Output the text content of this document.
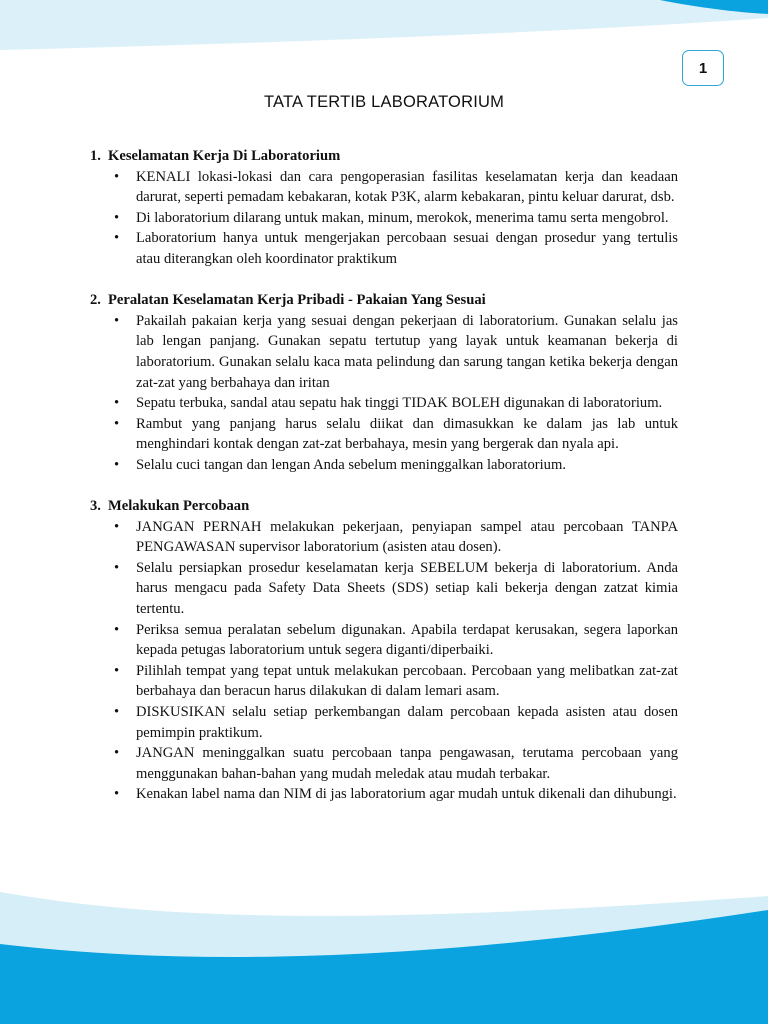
1
TATA TERTIB LABORATORIUM
1. Keselamatan Kerja Di Laboratorium
• KENALI lokasi-lokasi dan cara pengoperasian fasilitas keselamatan kerja dan keadaan darurat, seperti pemadam kebakaran, kotak P3K, alarm kebakaran, pintu keluar darurat, dsb.
• Di laboratorium dilarang untuk makan, minum, merokok, menerima tamu serta mengobrol.
• Laboratorium hanya untuk mengerjakan percobaan sesuai dengan prosedur yang tertulis atau diterangkan oleh koordinator praktikum
2. Peralatan Keselamatan Kerja Pribadi - Pakaian Yang Sesuai
• Pakailah pakaian kerja yang sesuai dengan pekerjaan di laboratorium. Gunakan selalu jas lab lengan panjang. Gunakan sepatu tertutup yang layak untuk keamanan bekerja di laboratorium. Gunakan selalu kaca mata pelindung dan sarung tangan ketika bekerja dengan zat-zat yang berbahaya dan iritan
• Sepatu terbuka, sandal atau sepatu hak tinggi TIDAK BOLEH digunakan di laboratorium.
• Rambut yang panjang harus selalu diikat dan dimasukkan ke dalam jas lab untuk menghindari kontak dengan zat-zat berbahaya, mesin yang bergerak dan nyala api.
• Selalu cuci tangan dan lengan Anda sebelum meninggalkan laboratorium.
3. Melakukan Percobaan
• JANGAN PERNAH melakukan pekerjaan, penyiapan sampel atau percobaan TANPA PENGAWASAN supervisor laboratorium (asisten atau dosen).
• Selalu persiapkan prosedur keselamatan kerja SEBELUM bekerja di laboratorium. Anda harus mengacu pada Safety Data Sheets (SDS) setiap kali bekerja dengan zatzat kimia tertentu.
• Periksa semua peralatan sebelum digunakan. Apabila terdapat kerusakan, segera laporkan kepada petugas laboratorium untuk segera diganti/diperbaiki.
• Pilihlah tempat yang tepat untuk melakukan percobaan. Percobaan yang melibatkan zat-zat berbahaya dan beracun harus dilakukan di dalam lemari asam.
• DISKUSIKAN selalu setiap perkembangan dalam percobaan kepada asisten atau dosen pemimpin praktikum.
• JANGAN meninggalkan suatu percobaan tanpa pengawasan, terutama percobaan yang menggunakan bahan-bahan yang mudah meledak atau mudah terbakar.
• Kenakan label nama dan NIM di jas laboratorium agar mudah untuk dikenali dan dihubungi.
